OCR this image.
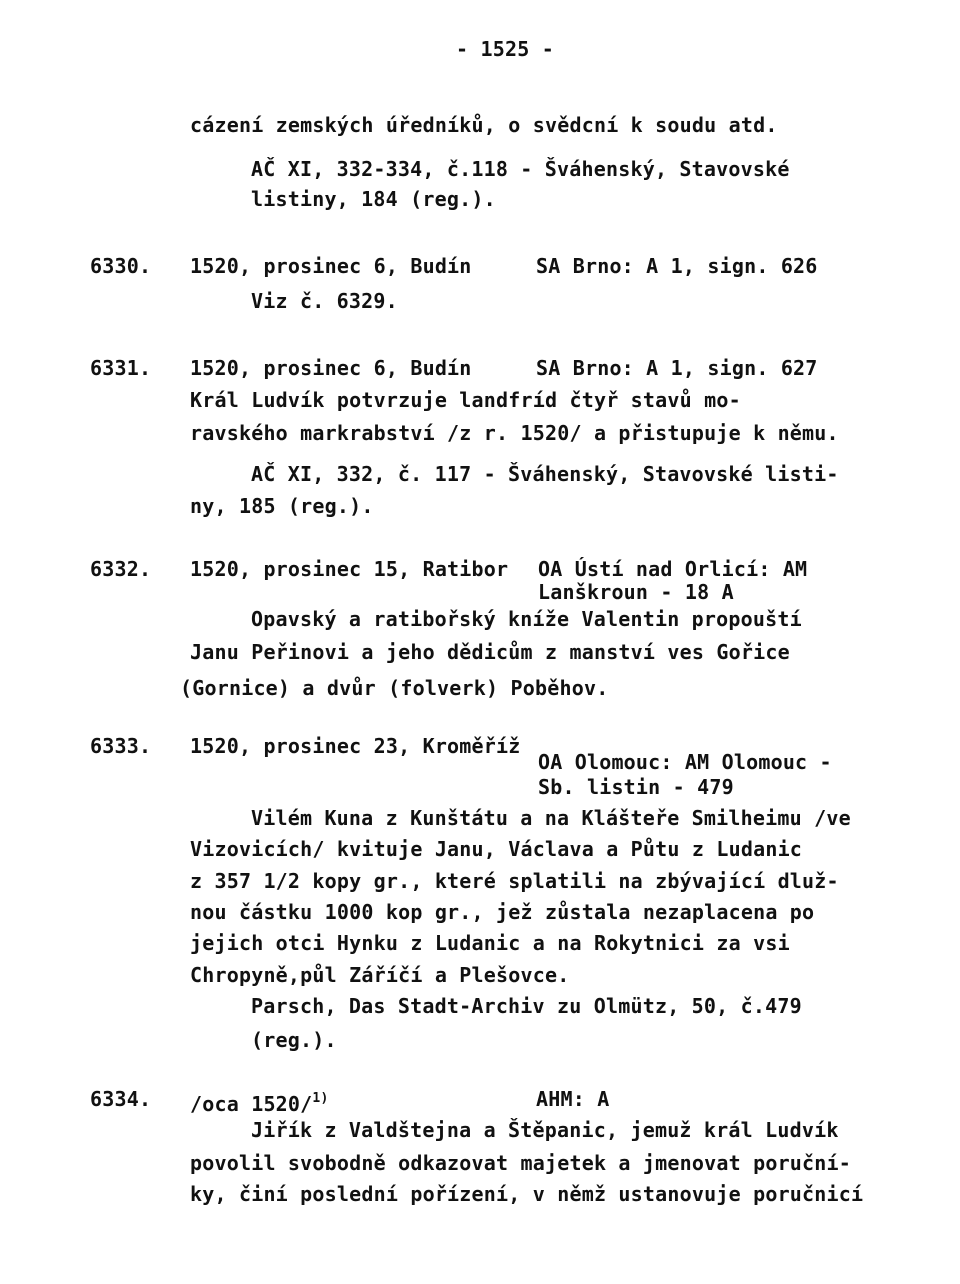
- 1525 -
cázení zemských úředníků, o svědcní k soudu atd.
AČ XI, 332-334, č.118 - Šváhenský, Stavovské
listiny, 184 (reg.).
6330. 1520, prosinec 6, Budín	SA Brno: A 1, sign. 626
Viz č. 6329.
6331. 1520, prosinec 6, Budín	SA Brno: A 1, sign. 627
Král Ludvík potvrzuje landfríd čtyř stavů mo-
ravského markrabství /z r. 1520/ a přistupuje k němu.
AČ XI, 332, č. 117 - Šváhenský, Stavovské listi-
ny, 185 (reg.).
6332. 1520, prosinec 15, Ratibor OA Ústí nad Orlicí: AM
Lanškroun - 18 A
Opavský a ratibořský kníže Valentin propouští
Janu Peřinovi a jeho dědicům z manství ves Gořice
(Gornice) a dvůr (folverk) Poběhov.
6333. 1520, prosinec 23, Kroměříž
OA Olomouc: AM Olomouc -
Sb. listin - 479
Vilém Kuna z Kunštátu a na Klášteře Smilheimu /ve
Vizovicích/ kvituje Janu, Václava a Půtu z Ludanic
z 357 1/2 kopy gr., které splatili na zbývající dluž-
nou částku 1000 kop gr., jež zůstala nezaplacena po
jejich otci Hynku z Ludanic a na Rokytnici za vsi
Chropyně,půl Záříčí a Plešovce.
Parsch, Das Stadt-Archiv zu Olmütz, 50, č.479
(reg.).
6334. /oca 1520/$^{1)}$	AHM: A
Jiřík z Valdštejna a Štěpanic, jemuž král Ludvík
povolil svobodně odkazovat majetek a jmenovat poruční-
ky, činí poslední pořízení, v němž ustanovuje poručnicí
